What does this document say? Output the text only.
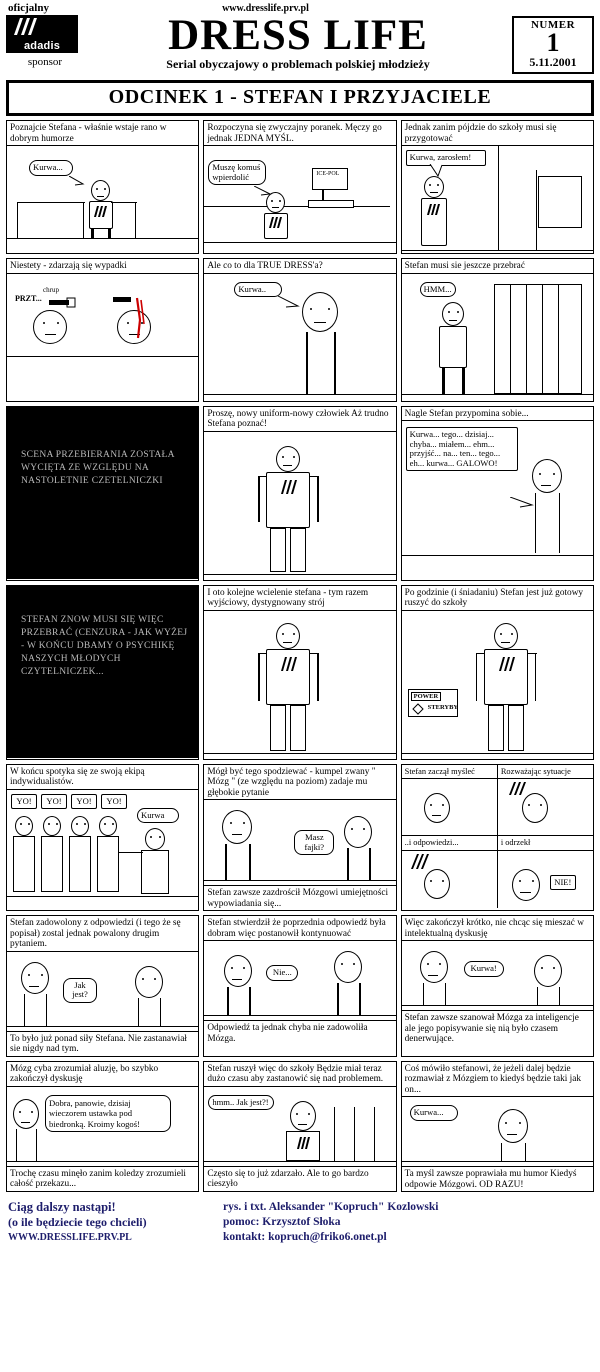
oficjalny	www.dresslife.prv.pl
adadis
sponsor
DRESS LIFE
Serial obyczajowy o problemach polskiej młodzieży
NUMER
1
5.11.2001
ODCINEK 1 - STEFAN I PRZYJACIELE
Poznajcie Stefana - właśnie wstaje rano w dobrym humorze
Kurwa...
Rozpoczyna się zwyczajny poranek. Męczy go jednak JEDNA MYŚL.
ICE-POL
Muszę komuś wpierdolić
Jednak zanim pójdzie do szkoły musi się przygotować
Kurwa, zarosłem!
Niestety - zdarzają się wypadki
PRZT...
chrup
Ale co to dla TRUE DRESS'a?
Kurwa..
Stefan musi sie jeszcze przebrać
HMM...
SCENA PRZEBIERANIA ZOSTAŁA WYCIĘTA ZE WZGLĘDU NA NASTOLETNIE CZETELNICZKI
Proszę, nowy uniform-nowy człowiek Aż trudno Stefana poznać!
Nagle Stefan przypomina sobie...
Kurwa... tego... dzisiaj... chyba... miałem... ehm... przyjść... na... ten... tego... eh... kurwa... GALOWO!
STEFAN ZNOW MUSI SIĘ WIĘC PRZEBRAĆ (CENZURA - JAK WYŻEJ - W KOŃCU DBAMY O PSYCHIKĘ NASZYCH MŁODYCH CZYTELNICZEK...
I oto kolejne wcielenie stefana - tym razem wyjściowy, dystygnowany strój
Po godzinie (i śniadaniu) Stefan jest już gotowy ruszyć do szkoły
POWER
STERYBY
W końcu spotyka się ze swoją ekipą indywidualistów.
YO!	YO!	YO!	YO!
Kurwa
Mógł być tego spodziewać - kumpel zwany " Mózg " (ze względu na poziom) zadaje mu głębokie pytanie
Masz fajki?
Stefan zawsze zazdrościł Mózgowi umiejętności wypowiadania się...
Stefan zaczął myśleć
..i odpowiedzi...
Rozważając sytuacje
i odrzekł
NIE!
Stefan zadowolony z odpowiedzi (i tego że sę popisał) zostal jednak powalony drugim pytaniem.
Jak jest?
To było już ponad siły Stefana. Nie zastanawiał sie nigdy nad tym.
Stefan stwierdził że poprzednia odpowiedź była dobram więc postanowił kontynuować
Nie...
Odpowiedź ta jednak chyba nie zadowoliła Mózga.
Więc zakończył krótko, nie chcąc się mieszać w intelektualną dyskusję
Kurwa!
Stefan zawsze szanował Mózga za inteligencje ale jego popisywanie się nią było czasem denerwujące.
Mózg cyba zrozumiał aluzję, bo szybko zakończył dyskusję
Dobra, panowie, dzisiaj wieczorem ustawka pod biedronką. Kroimy kogoś!
Trochę czasu minęło zanim koledzy zrozumieli całość przekazu...
Stefan ruszył więc do szkoły Będzie miał teraz dużo czasu aby zastanowić się nad problemem.
hmm.. Jak jest?!
Często się to już zdarzało. Ale to go bardzo cieszyło
Coś mówiło stefanowi, że jeżeli dalej będzie rozmawiał z Mózgiem to kiedyś będzie taki jak on...
Kurwa...
Ta myśl zawsze poprawiała mu humor Kiedyś odpowie Mózgowi. OD RAZU!
Ciąg dalszy nastąpi!
(o ile będziecie tego chcieli)
WWW.DRESSLIFE.PRV.PL
rys. i txt. Aleksander "Kopruch" Kozlowski
pomoc: Krzysztof Słoka
kontakt: kopruch@friko6.onet.pl
